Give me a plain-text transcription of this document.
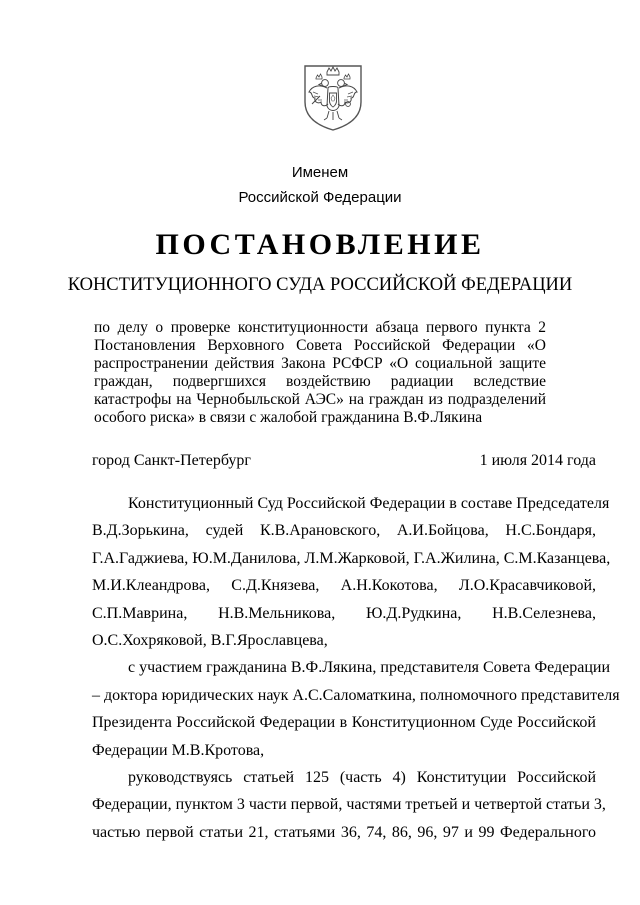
Именем
Российской Федерации
ПОСТАНОВЛЕНИЕ
КОНСТИТУЦИОННОГО СУДА РОССИЙСКОЙ ФЕДЕРАЦИИ
по делу о проверке конституционности абзаца первого пункта 2
Постановления Верховного Совета Российской Федерации «О
распространении действия Закона РСФСР «О социальной защите
граждан, подвергшихся воздействию радиации вследствие
катастрофы на Чернобыльской АЭС» на граждан из подразделений
особого риска» в связи с жалобой гражданина В.Ф.Лякина
город Санкт-Петербург	1 июля 2014 года
Конституционный Суд Российской Федерации в составе Председателя
В.Д.Зорькина, судей К.В.Арановского, А.И.Бойцова, Н.С.Бондаря,
Г.А.Гаджиева, Ю.М.Данилова, Л.М.Жарковой, Г.А.Жилина, С.М.Казанцева,
М.И.Клеандрова, С.Д.Князева, А.Н.Кокотова, Л.О.Красавчиковой,
С.П.Маврина, Н.В.Мельникова, Ю.Д.Рудкина, Н.В.Селезнева,
О.С.Хохряковой, В.Г.Ярославцева,
с участием гражданина В.Ф.Лякина, представителя Совета Федерации
– доктора юридических наук А.С.Саломаткина, полномочного представителя
Президента Российской Федерации в Конституционном Суде Российской
Федерации М.В.Кротова,
руководствуясь статьей 125 (часть 4) Конституции Российской
Федерации, пунктом 3 части первой, частями третьей и четвертой статьи 3,
частью первой статьи 21, статьями 36, 74, 86, 96, 97 и 99 Федерального
